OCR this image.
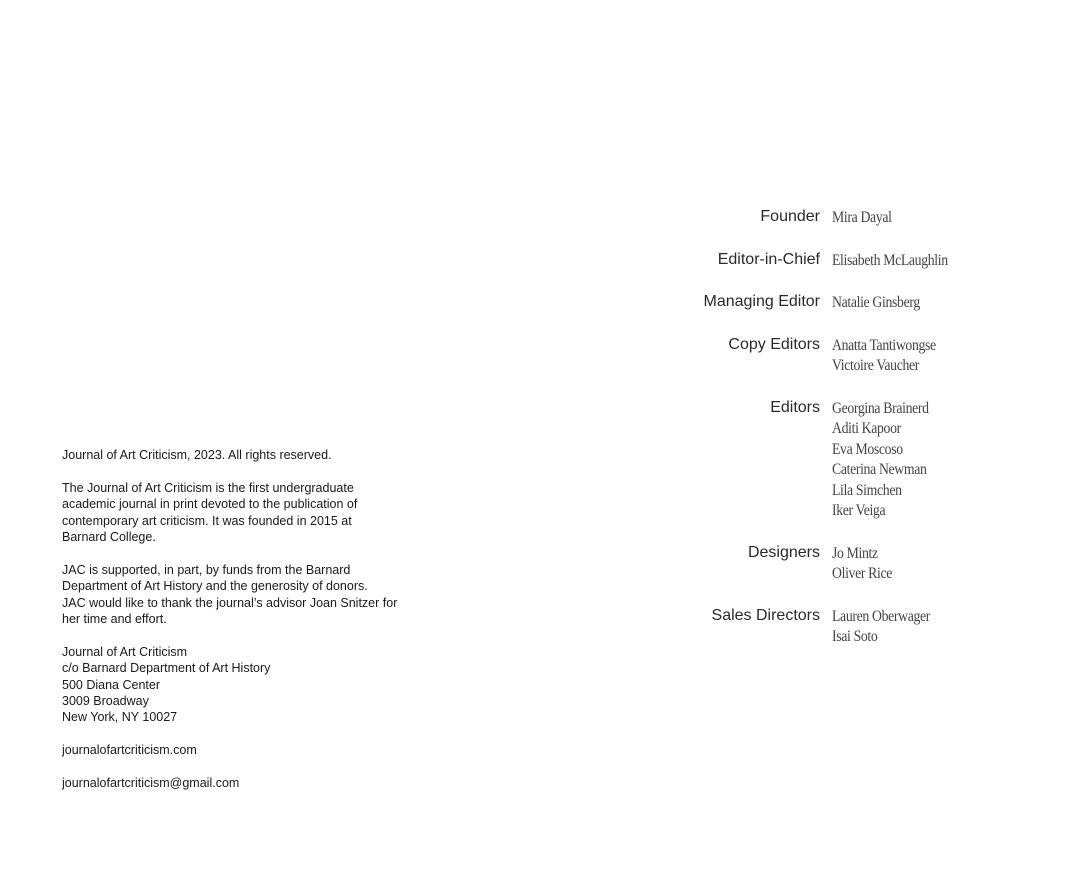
Journal of Art Criticism, 2023. All rights reserved.

The Journal of Art Criticism is the first undergraduate
academic journal in print devoted to the publication of
contemporary art criticism. It was founded in 2015 at
Barnard College.

JAC is supported, in part, by funds from the Barnard
Department of Art History and the generosity of donors.
JAC would like to thank the journal’s advisor Joan Snitzer for
her time and effort.

Journal of Art Criticism
c/o Barnard Department of Art History
500 Diana Center
3009 Broadway
New York, NY 10027

journalofartcriticism.com

journalofartcriticism@gmail.com

Founder Mira Dayal
Editor-in-Chief Elisabeth McLaughlin
Managing Editor Natalie Ginsberg
Copy Editors Anatta Tantiwongse
Victoire Vaucher
Editors Georgina Brainerd
Aditi Kapoor
Eva Moscoso
Caterina Newman
Lila Simchen
Iker Veiga
Designers Jo Mintz
Oliver Rice
Sales Directors Lauren Oberwager
Isai Soto
